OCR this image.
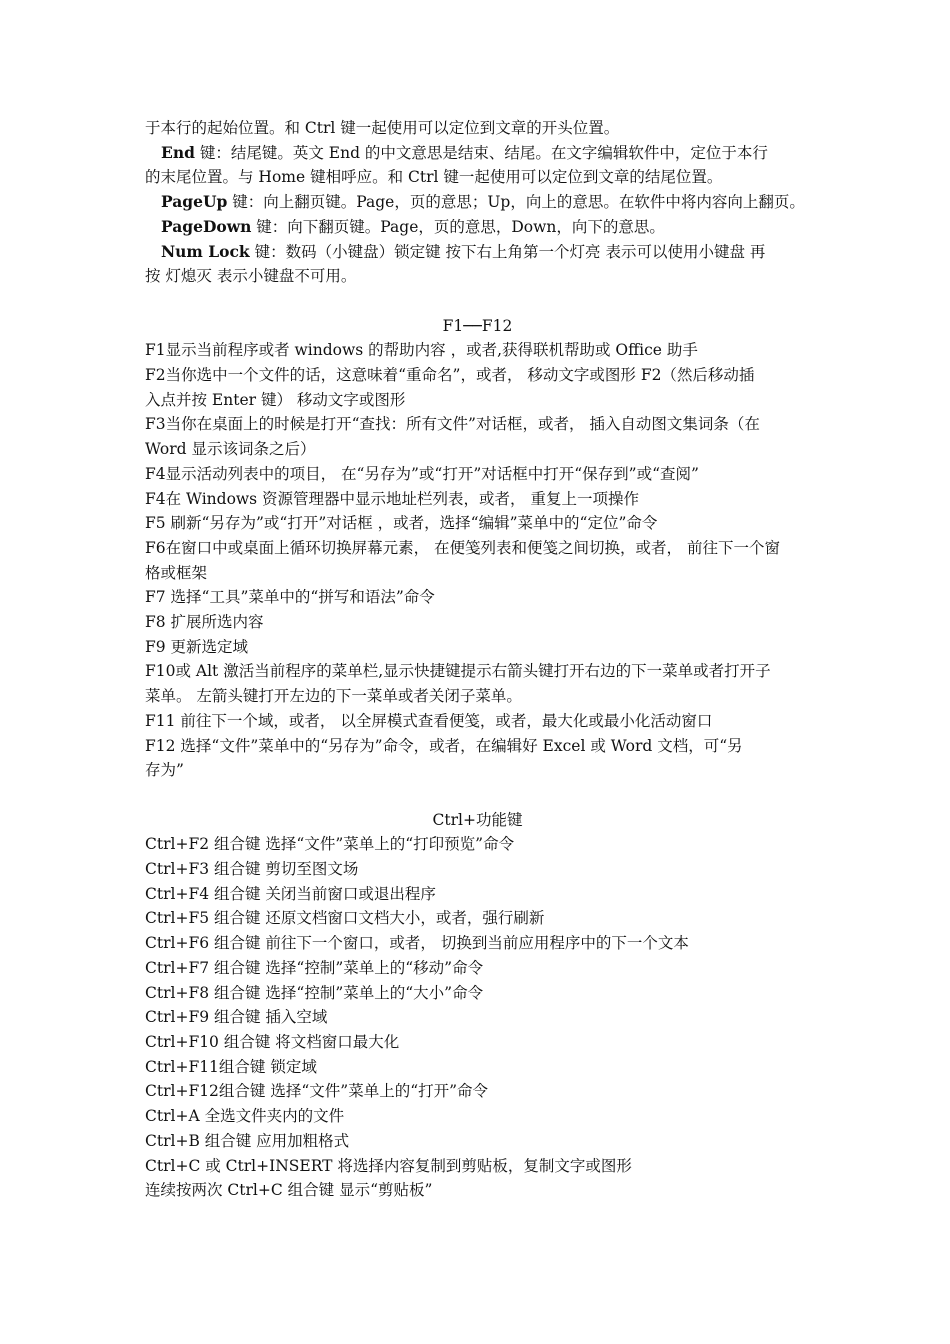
于本行的起始位置。和 Ctrl 键一起使用可以定位到文章的开头位置。
End 键：结尾键。英文 End 的中文意思是结束、结尾。在文字编辑软件中，定位于本行
的末尾位置。与 Home 键相呼应。和 Ctrl 键一起使用可以定位到文章的结尾位置。
PageUp 键：向上翻页键。Page，页的意思；Up，向上的意思。在软件中将内容向上翻页。
PageDown 键：向下翻页键。Page，页的意思，Down，向下的意思。
Num Lock 键：数码（小键盘）锁定键 按下右上角第一个灯亮 表示可以使用小键盘 再
按 灯熄灭 表示小键盘不可用。
F1──F12
F1显示当前程序或者 windows 的帮助内容 ，或者,获得联机帮助或 Office 助手
F2当你选中一个文件的话，这意味着“重命名”，或者， 移动文字或图形 F2（然后移动插
入点并按 Enter 键） 移动文字或图形
F3当你在桌面上的时候是打开“查找：所有文件”对话框，或者， 插入自动图文集词条（在
Word 显示该词条之后）
F4显示活动列表中的项目， 在“另存为”或“打开”对话框中打开“保存到”或“查阅”
F4在 Windows 资源管理器中显示地址栏列表，或者， 重复上一项操作
F5 刷新“另存为”或“打开”对话框 ，或者，选择“编辑”菜单中的“定位”命令
F6在窗口中或桌面上循环切换屏幕元素， 在便笺列表和便笺之间切换，或者， 前往下一个窗
格或框架
F7 选择“工具”菜单中的“拼写和语法”命令
F8 扩展所选内容
F9 更新选定域
F10或 Alt 激活当前程序的菜单栏,显示快捷键提示右箭头键打开右边的下一菜单或者打开子
菜单。 左箭头键打开左边的下一菜单或者关闭子菜单。
F11 前往下一个域，或者， 以全屏模式查看便笺，或者，最大化或最小化活动窗口
F12 选择“文件”菜单中的“另存为”命令，或者，在编辑好 Excel 或 Word 文档，可“另
存为”
Ctrl+功能键
Ctrl+F2 组合键 选择“文件”菜单上的“打印预览”命令
Ctrl+F3 组合键 剪切至图文场
Ctrl+F4 组合键 关闭当前窗口或退出程序
Ctrl+F5 组合键 还原文档窗口文档大小，或者，强行刷新
Ctrl+F6 组合键 前往下一个窗口，或者， 切换到当前应用程序中的下一个文本
Ctrl+F7 组合键 选择“控制”菜单上的“移动”命令
Ctrl+F8 组合键 选择“控制”菜单上的“大小”命令
Ctrl+F9 组合键 插入空域
Ctrl+F10 组合键 将文档窗口最大化
Ctrl+F11组合键 锁定域
Ctrl+F12组合键 选择“文件”菜单上的“打开”命令
Ctrl+A 全选文件夹内的文件
Ctrl+B 组合键 应用加粗格式
Ctrl+C 或 Ctrl+INSERT 将选择内容复制到剪贴板，复制文字或图形
连续按两次 Ctrl+C 组合键 显示“剪贴板”
